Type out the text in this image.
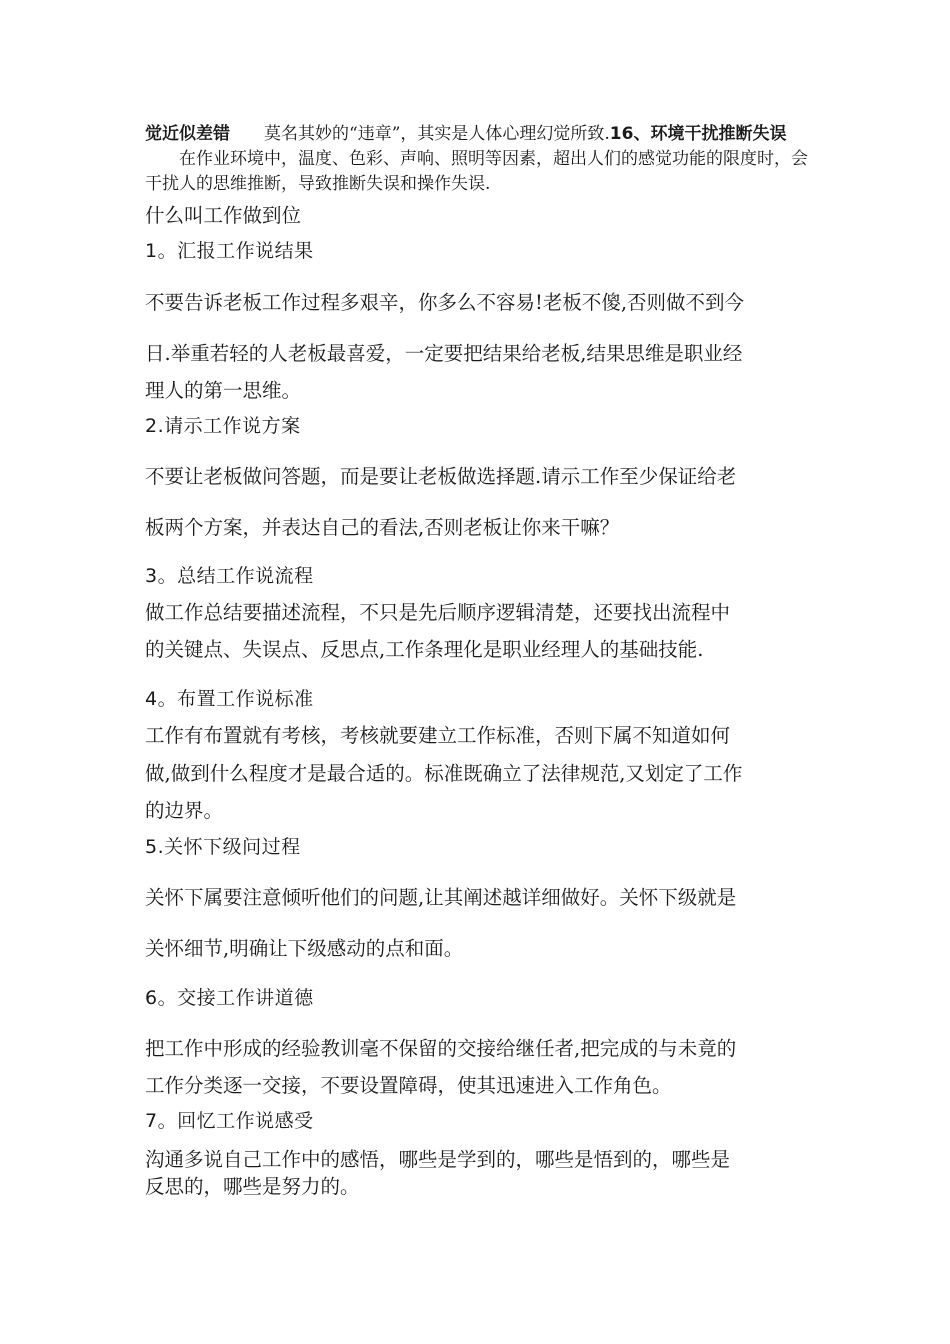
觉近似差错 莫名其妙的“违章”，其实是人体心理幻觉所致.16、环境干扰推断失误在作业环境中，温度、色彩、声响、照明等因素，超出人们的感觉功能的限度时，会干扰人的思维推断，导致推断失误和操作失误.
什么叫工作做到位
1。汇报工作说结果
不要告诉老板工作过程多艰辛，你多么不容易!老板不傻,否则做不到今
日.举重若轻的人老板最喜爱，一定要把结果给老板,结果思维是职业经
理人的第一思维。
2.请示工作说方案
不要让老板做问答题，而是要让老板做选择题.请示工作至少保证给老
板两个方案，并表达自己的看法,否则老板让你来干嘛？
3。总结工作说流程
做工作总结要描述流程，不只是先后顺序逻辑清楚，还要找出流程中
的关键点、失误点、反思点,工作条理化是职业经理人的基础技能.
4。布置工作说标准
工作有布置就有考核，考核就要建立工作标准，否则下属不知道如何
做,做到什么程度才是最合适的。标准既确立了法律规范,又划定了工作
的边界。
5.关怀下级问过程
关怀下属要注意倾听他们的问题,让其阐述越详细做好。关怀下级就是
关怀细节,明确让下级感动的点和面。
6。交接工作讲道德
把工作中形成的经验教训毫不保留的交接给继任者,把完成的与未竟的
工作分类逐一交接，不要设置障碍，使其迅速进入工作角色。
7。回忆工作说感受
沟通多说自己工作中的感悟，哪些是学到的，哪些是悟到的，哪些是
反思的，哪些是努力的。
